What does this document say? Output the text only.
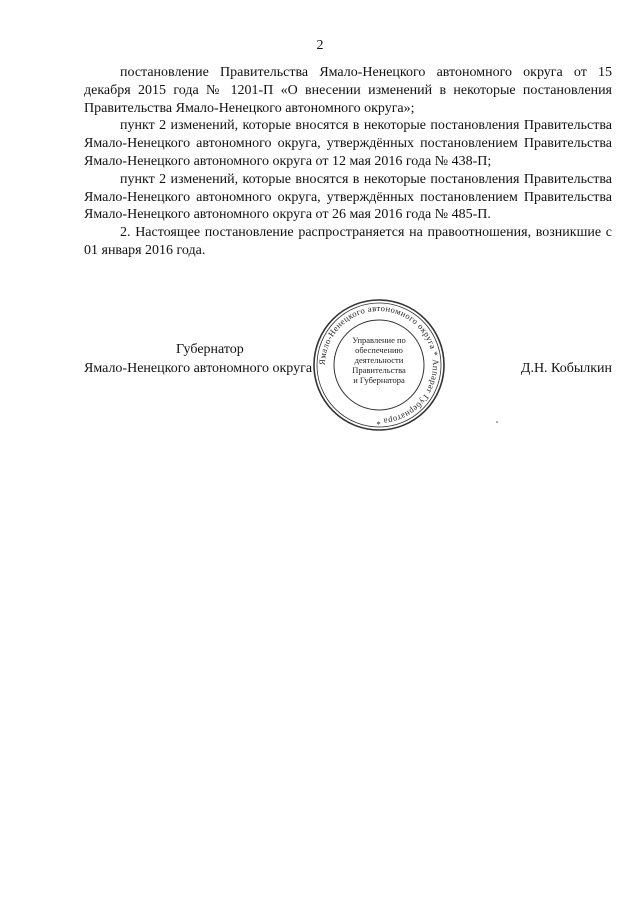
2

постановление Правительства Ямало-Ненецкого автономного округа от 15 декабря 2015 года № 1201-П «О внесении изменений в некоторые постановления Правительства Ямало-Ненецкого автономного округа»;

пункт 2 изменений, которые вносятся в некоторые постановления Правительства Ямало-Ненецкого автономного округа, утверждённых постановлением Правительства Ямало-Ненецкого автономного округа от 12 мая 2016 года № 438-П;

пункт 2 изменений, которые вносятся в некоторые постановления Правительства Ямало-Ненецкого автономного округа, утверждённых постановлением Правительства Ямало-Ненецкого автономного округа от 26 мая 2016 года № 485-П.

2. Настоящее постановление распространяется на правоотношения, возникшие с 01 января 2016 года.

Губернатор
Ямало-Ненецкого автономного округа	Д.Н. Кобылкин
Ямало-Ненецкого автономного округа * Аппарат Губернатора *
Управление по
обеспечению
деятельности
Правительства
и Губернатора
